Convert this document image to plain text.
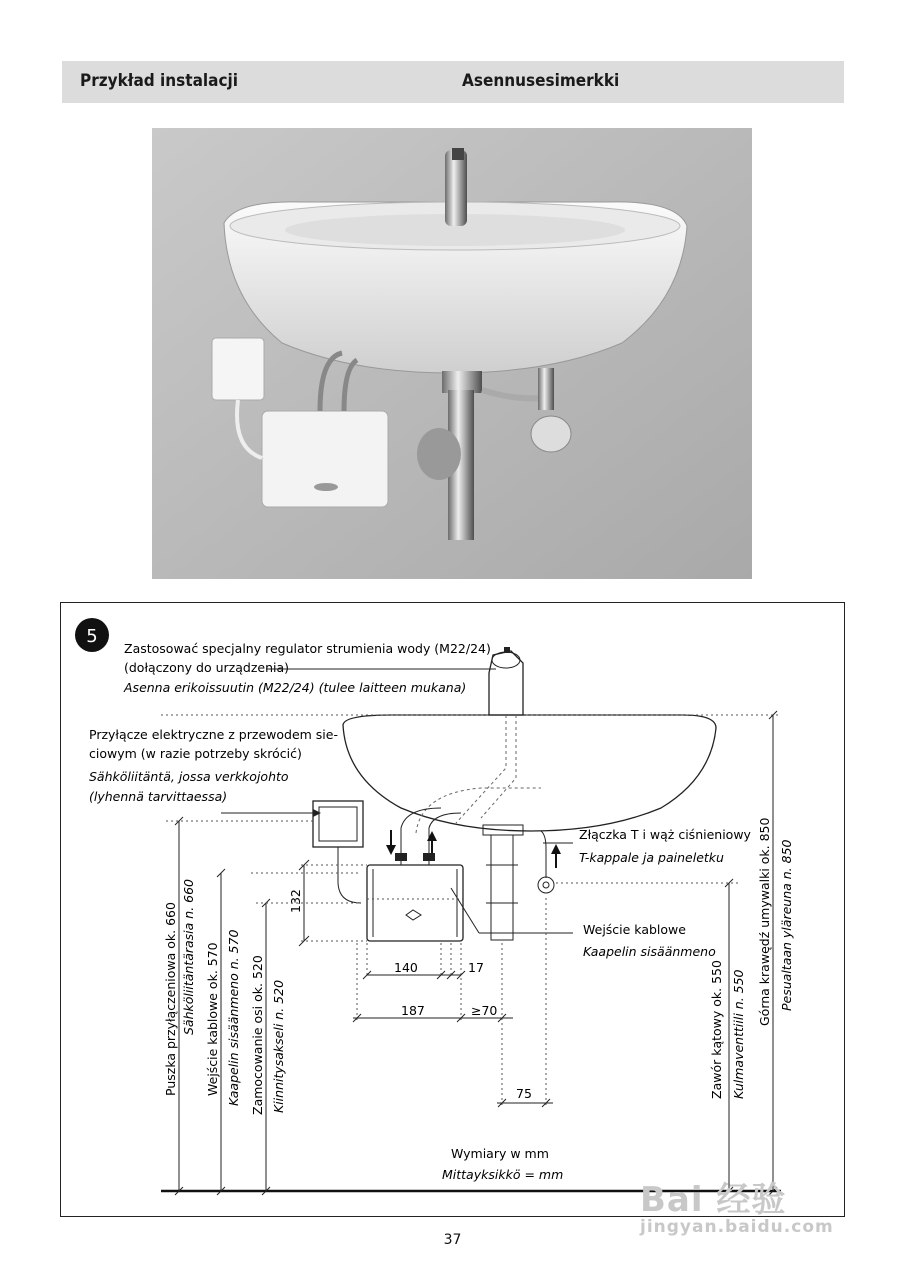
Przykład instalacji	Asennusesimerkki
5
Zastosować specjalny regulator strumienia wody (M22/24)
(dołączony do urządzenia)
Asenna erikoissuutin (M22/24) (tulee laitteen mukana)
Przyłącze elektryczne z przewodem sie-
ciowym (w razie potrzeby skrócić)
Sähköliitäntä, jossa verkkojohto
(lyhennä tarvittaessa)
Złączka T i wąż ciśnieniowy
T-kappale ja paineletku
Wejście kablowe
Kaapelin sisäänmeno
Wymiary w mm
Mittayksikkö = mm
132
140	17
187	≥70
75
Puszka przyłączeniowa ok. 660 Sähköliitäntärasia n. 660 Wejście kablowe ok. 570 Kaapelin sisäänmeno n. 570 Zamocowanie osi ok. 520 Kiinnitysakseli n. 520	Zawór kątowy ok. 550 Kulmaventtiili n. 550
Górna krawędź umywalki ok. 850 Pesualtaan yläreuna n. 850
37
Bai 经验
jingyan.baidu.com
